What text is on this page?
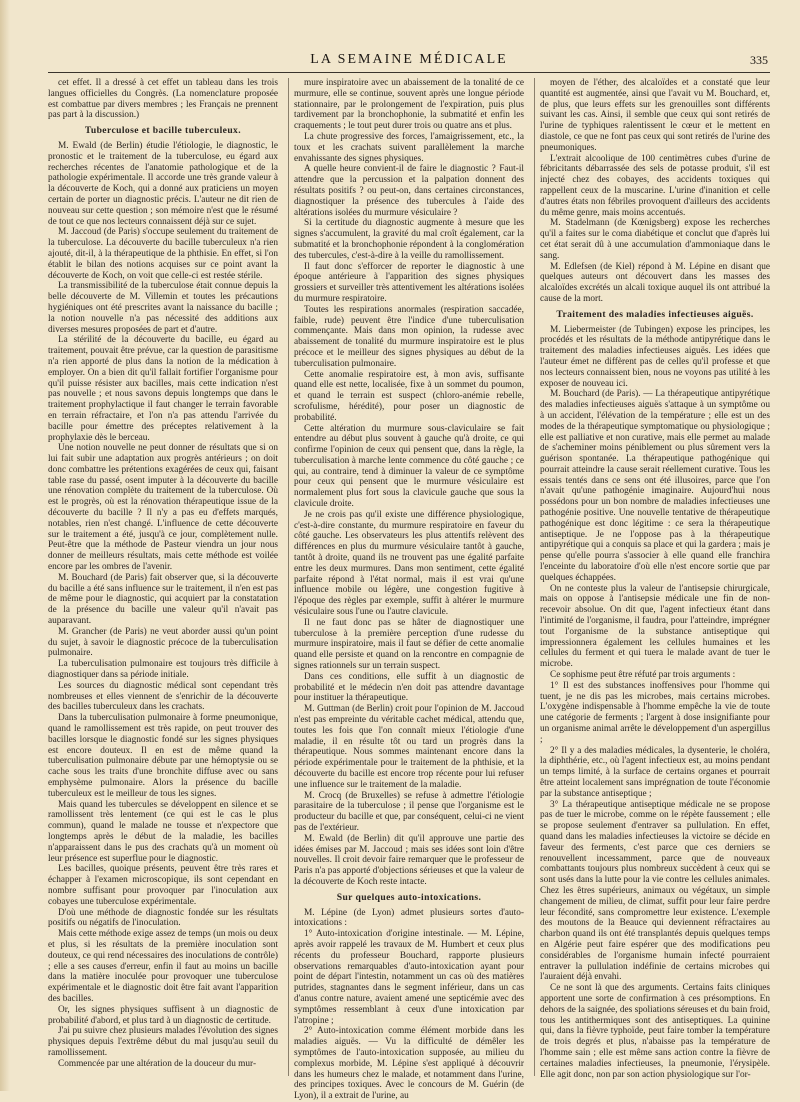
LA SEMAINE MÉDICALE	335

cet effet. Il a dressé à cet effet un tableau dans les trois langues officielles du Congrès. (La nomenclature proposée est combattue par divers membres ; les Français ne prennent pas part à la discussion.)

Tuberculose et bacille tuberculeux.

M. Ewald (de Berlin) étudie l'étiologie, le diagnostic, le pronostic et le traitement de la tuberculose, eu égard aux recherches récentes de l'anatomie pathologique et de la pathologie expérimentale. Il accorde une très grande valeur à la découverte de Koch, qui a donné aux praticiens un moyen certain de porter un diagnostic précis. L'auteur ne dit rien de nouveau sur cette question ; son mémoire n'est que le résumé de tout ce que nos lecteurs connaissent déjà sur ce sujet.

M. Jaccoud (de Paris) s'occupe seulement du traitement de la tuberculose. La découverte du bacille tuberculeux n'a rien ajouté, dit-il, à la thérapeutique de la phthisie. En effet, si l'on établit le bilan des notions acquises sur ce point avant la découverte de Koch, on voit que celle-ci est restée stérile.

La transmissibilité de la tuberculose était connue depuis la belle découverte de M. Villemin et toutes les précautions hygiéniques ont été prescrites avant la naissance du bacille ; la notion nouvelle n'a pas nécessité des additions aux diverses mesures proposées de part et d'autre.

La stérilité de la découverte du bacille, eu égard au traitement, pouvait être prévue, car la question de parasitisme n'a rien apporté de plus dans la notion de la médication à employer. On a bien dit qu'il fallait fortifier l'organisme pour qu'il puisse résister aux bacilles, mais cette indication n'est pas nouvelle ; et nous savons depuis longtemps que dans le traitement prophylactique il faut changer le terrain favorable en terrain réfractaire, et l'on n'a pas attendu l'arrivée du bacille pour émettre des préceptes relativement à la prophylaxie dès le berceau.

Une notion nouvelle ne peut donner de résultats que si on lui fait subir une adaptation aux progrès antérieurs ; on doit donc combattre les prétentions exagérées de ceux qui, faisant table rase du passé, osent imputer à la découverte du bacille une rénovation complète du traitement de la tuberculose. Où est le progrès, où est la rénovation thérapeutique issue de la découverte du bacille ? Il n'y a pas eu d'effets marqués, notables, rien n'est changé. L'influence de cette découverte sur le traitement a été, jusqu'à ce jour, complètement nulle. Peut-être que la méthode de Pasteur viendra un jour nous donner de meilleurs résultats, mais cette méthode est voilée encore par les ombres de l'avenir.

M. Bouchard (de Paris) fait observer que, si la découverte du bacille a été sans influence sur le traitement, il n'en est pas de même pour le diagnostic, qui acquiert par la constatation de la présence du bacille une valeur qu'il n'avait pas auparavant.

M. Grancher (de Paris) ne veut aborder aussi qu'un point du sujet, à savoir le diagnostic précoce de la tuberculisation pulmonaire.

La tuberculisation pulmonaire est toujours très difficile à diagnostiquer dans sa période initiale.

Les sources du diagnostic médical sont cependant très nombreuses et elles viennent de s'enrichir de la découverte des bacilles tuberculeux dans les crachats.

Dans la tuberculisation pulmonaire à forme pneumonique, quand le ramollissement est très rapide, on peut trouver des bacilles lorsque le diagnostic fondé sur les signes physiques est encore douteux. Il en est de même quand la tuberculisation pulmonaire débute par une hémoptysie ou se cache sous les traits d'une bronchite diffuse avec ou sans emphysème pulmonaire. Alors la présence du bacille tuberculeux est le meilleur de tous les signes.

Mais quand les tubercules se développent en silence et se ramollissent très lentement (ce qui est le cas le plus commun), quand le malade ne tousse et n'expectore que longtemps après le début de la maladie, les bacilles n'apparaissent dans le pus des crachats qu'à un moment où leur présence est superflue pour le diagnostic.

Les bacilles, quoique présents, peuvent être très rares et échapper à l'examen microscopique, ils sont cependant en nombre suffisant pour provoquer par l'inoculation aux cobayes une tuberculose expérimentale.

D'où une méthode de diagnostic fondée sur les résultats positifs ou négatifs de l'inoculation.

Mais cette méthode exige assez de temps (un mois ou deux et plus, si les résultats de la première inoculation sont douteux, ce qui rend nécessaires des inoculations de contrôle) ; elle a ses causes d'erreur, enfin il faut au moins un bacille dans la matière inoculée pour provoquer une tuberculose expérimentale et le diagnostic doit être fait avant l'apparition des bacilles.

Or, les signes physiques suffisent à un diagnostic de probabilité d'abord, et plus tard à un diagnostic de certitude.

J'ai pu suivre chez plusieurs malades l'évolution des signes physiques depuis l'extrême début du mal jusqu'au seuil du ramollissement.

Commencée par une altération de la douceur du mur-

mure inspiratoire avec un abaissement de la tonalité de ce murmure, elle se continue, souvent après une longue période stationnaire, par le prolongement de l'expiration, puis plus tardivement par la bronchophonie, la submatité et enfin les craquements ; le tout peut durer trois ou quatre ans et plus.

La chute progressive des forces, l'amaigrissement, etc., la toux et les crachats suivent parallèlement la marche envahissante des signes physiques.

A quelle heure convient-il de faire le diagnostic ? Faut-il attendre que la percussion et la palpation donnent des résultats positifs ? ou peut-on, dans certaines circonstances, diagnostiquer la présence des tubercules à l'aide des altérations isolées du murmure vésiculaire ?

Si la certitude du diagnostic augmente à mesure que les signes s'accumulent, la gravité du mal croît également, car la submatité et la bronchophonie répondent à la conglomération des tubercules, c'est-à-dire à la veille du ramollissement.

Il faut donc s'efforcer de reporter le diagnostic à une époque antérieure à l'apparition des signes physiques grossiers et surveiller très attentivement les altérations isolées du murmure respiratoire.

Toutes les respirations anormales (respiration saccadée, faible, rude) peuvent être l'indice d'une tuberculisation commençante. Mais dans mon opinion, la rudesse avec abaissement de tonalité du murmure inspiratoire est le plus précoce et le meilleur des signes physiques au début de la tuberculisation pulmonaire.

Cette anomalie respiratoire est, à mon avis, suffisante quand elle est nette, localisée, fixe à un sommet du poumon, et quand le terrain est suspect (chloro-anémie rebelle, scrofulisme, hérédité), pour poser un diagnostic de probabilité.

Cette altération du murmure sous-claviculaire se fait entendre au début plus souvent à gauche qu'à droite, ce qui confirme l'opinion de ceux qui pensent que, dans la règle, la tuberculisation à marche lente commence du côté gauche ; ce qui, au contraire, tend à diminuer la valeur de ce symptôme pour ceux qui pensent que le murmure vésiculaire est normalement plus fort sous la clavicule gauche que sous la clavicule droite.

Je ne crois pas qu'il existe une différence physiologique, c'est-à-dire constante, du murmure respiratoire en faveur du côté gauche. Les observateurs les plus attentifs relèvent des différences en plus du murmure vésiculaire tantôt à gauche, tantôt à droite, quand ils ne trouvent pas une égalité parfaite entre les deux murmures. Dans mon sentiment, cette égalité parfaite répond à l'état normal, mais il est vrai qu'une influence mobile ou légère, une congestion fugitive à l'époque des règles par exemple, suffit à altérer le murmure vésiculaire sous l'une ou l'autre clavicule.

Il ne faut donc pas se hâter de diagnostiquer une tuberculose à la première perception d'une rudesse du murmure inspiratoire, mais il faut se défier de cette anomalie quand elle persiste et quand on la rencontre en compagnie de signes rationnels sur un terrain suspect.

Dans ces conditions, elle suffit à un diagnostic de probabilité et le médecin n'en doit pas attendre davantage pour instituer la thérapeutique.

M. Guttman (de Berlin) croit pour l'opinion de M. Jaccoud n'est pas empreinte du véritable cachet médical, attendu que, toutes les fois que l'on connaît mieux l'étiologie d'une maladie, il en résulte tôt ou tard un progrès dans la thérapeutique. Nous sommes maintenant encore dans la période expérimentale pour le traitement de la phthisie, et la découverte du bacille est encore trop récente pour lui refuser une influence sur le traitement de la maladie.

M. Crocq (de Bruxelles) se refuse à admettre l'étiologie parasitaire de la tuberculose ; il pense que l'organisme est le producteur du bacille et que, par conséquent, celui-ci ne vient pas de l'extérieur.

M. Ewald (de Berlin) dit qu'il approuve une partie des idées émises par M. Jaccoud ; mais ses idées sont loin d'être nouvelles. Il croit devoir faire remarquer que le professeur de Paris n'a pas apporté d'objections sérieuses et que la valeur de la découverte de Koch reste intacte.

Sur quelques auto-intoxications.

M. Lépine (de Lyon) admet plusieurs sortes d'auto-intoxications :

1° Auto-intoxication d'origine intestinale. — M. Lépine, après avoir rappelé les travaux de M. Humbert et ceux plus récents du professeur Bouchard, rapporte plusieurs observations remarquables d'auto-intoxication ayant pour point de départ l'intestin, notamment un cas où des matières putrides, stagnantes dans le segment inférieur, dans un cas d'anus contre nature, avaient amené une septicémie avec des symptômes ressemblant à ceux d'une intoxication par l'atropine ;

2° Auto-intoxication comme élément morbide dans les maladies aiguës. — Vu la difficulté de démêler les symptômes de l'auto-intoxication supposée, au milieu du complexus morbide, M. Lépine s'est appliqué à découvrir dans les humeurs chez le malade, et notamment dans l'urine, des principes toxiques. Avec le concours de M. Guérin (de Lyon), il a extrait de l'urine, au

moyen de l'éther, des alcaloïdes et a constaté que leur quantité est augmentée, ainsi que l'avait vu M. Bouchard, et, de plus, que leurs effets sur les grenouilles sont différents suivant les cas. Ainsi, il semble que ceux qui sont retirés de l'urine de typhiques ralentissent le cœur et le mettent en diastole, ce que ne font pas ceux qui sont retirés de l'urine des pneumoniques.

L'extrait alcoolique de 100 centimètres cubes d'urine de fébricitants débarrassée des sels de potasse produit, s'il est injecté chez des cobayes, des accidents toxiques qui rappellent ceux de la muscarine. L'urine d'inanition et celle d'autres états non fébriles provoquent d'ailleurs des accidents du même genre, mais moins accentués.

M. Stadelmann (de Kœnigsberg) expose les recherches qu'il a faites sur le coma diabétique et conclut que d'après lui cet état serait dû à une accumulation d'ammoniaque dans le sang.

M. Edlefsen (de Kiel) répond à M. Lépine en disant que quelques auteurs ont découvert dans les masses des alcaloïdes excrétés un alcali toxique auquel ils ont attribué la cause de la mort.

Traitement des maladies infectieuses aiguës.

M. Liebermeister (de Tubingen) expose les principes, les procédés et les résultats de la méthode antipyrétique dans le traitement des maladies infectieuses aiguës. Les idées que l'auteur émet ne diffèrent pas de celles qu'il professe et que nos lecteurs connaissent bien, nous ne voyons pas utilité à les exposer de nouveau ici.

M. Bouchard (de Paris). — La thérapeutique antipyrétique des maladies infectieuses aiguës s'attaque à un symptôme ou à un accident, l'élévation de la température ; elle est un des modes de la thérapeutique symptomatique ou physiologique ; elle est palliative et non curative, mais elle permet au malade de s'acheminer moins péniblement ou plus sûrement vers la guérison spontanée. La thérapeutique pathogénique qui pourrait atteindre la cause serait réellement curative. Tous les essais tentés dans ce sens ont été illusoires, parce que l'on n'avait qu'une pathogénie imaginaire. Aujourd'hui nous possédons pour un bon nombre de maladies infectieuses une pathogénie positive. Une nouvelle tentative de thérapeutique pathogénique est donc légitime : ce sera la thérapeutique antiseptique. Je ne l'oppose pas à la thérapeutique antipyrétique qui a conquis sa place et qui la gardera ; mais je pense qu'elle pourra s'associer à elle quand elle franchira l'enceinte du laboratoire d'où elle n'est encore sortie que par quelques échappées.

On ne conteste plus la valeur de l'antisepsie chirurgicale, mais on oppose à l'antisepsie médicale une fin de non-recevoir absolue. On dit que, l'agent infectieux étant dans l'intimité de l'organisme, il faudra, pour l'atteindre, imprégner tout l'organisme de la substance antiseptique qui impressionnera également les cellules humaines et les cellules du ferment et qui tuera le malade avant de tuer le microbe.

Ce sophisme peut être réfuté par trois arguments :

1° Il est des substances inoffensives pour l'homme qui tuent, je ne dis pas les microbes, mais certains microbes. L'oxygène indispensable à l'homme empêche la vie de toute une catégorie de ferments ; l'argent à dose insignifiante pour un organisme animal arrête le développement d'un aspergillus ;

2° Il y a des maladies médicales, la dysenterie, le choléra, la diphthérie, etc., où l'agent infectieux est, au moins pendant un temps limité, à la surface de certains organes et pourrait être atteint localement sans imprégnation de toute l'économie par la substance antiseptique ;

3° La thérapeutique antiseptique médicale ne se propose pas de tuer le microbe, comme on le répète faussement ; elle se propose seulement d'entraver sa pullulation. En effet, quand dans les maladies infectieuses la victoire se décide en faveur des ferments, c'est parce que ces derniers se renouvellent incessamment, parce que de nouveaux combattants toujours plus nombreux succèdent à ceux qui se sont usés dans la lutte pour la vie contre les cellules animales. Chez les êtres supérieurs, animaux ou végétaux, un simple changement de milieu, de climat, suffit pour leur faire perdre leur fécondité, sans compromettre leur existence. L'exemple des moutons de la Beauce qui deviennent réfractaires au charbon quand ils ont été transplantés depuis quelques temps en Algérie peut faire espérer que des modifications peu considérables de l'organisme humain infecté pourraient entraver la pullulation indéfinie de certains microbes qui l'auraient déjà envahi.

Ce ne sont là que des arguments. Certains faits cliniques apportent une sorte de confirmation à ces présomptions. En dehors de la saignée, des spoliations séreuses et du bain froid, tous les antithermiques sont des antiseptiques. La quinine qui, dans la fièvre typhoïde, peut faire tomber la température de trois degrés et plus, n'abaisse pas la température de l'homme sain ; elle est même sans action contre la fièvre de certaines maladies infectieuses, la pneumonie, l'érysipèle. Elle agit donc, non par son action physiologique sur l'or-
